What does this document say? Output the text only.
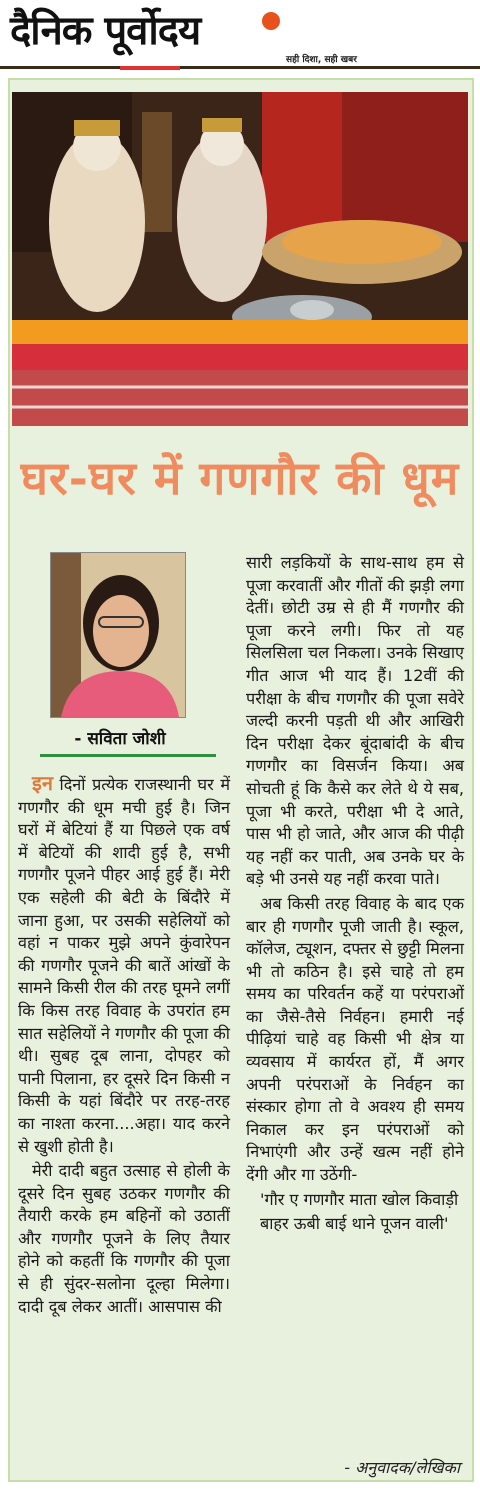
दैनिक पूर्वोदय
सही दिशा, सही खबर
घर-घर में गणगौर की धूम
- सविता जोशी

इन दिनों प्रत्येक राजस्थानी घर में गणगौर की धूम मची हुई है। जिन घरों में बेटियां हैं या पिछले एक वर्ष में बेटियों की शादी हुई है, सभी गणगौर पूजने पीहर आई हुई हैं। मेरी एक सहेली की बेटी के बिंदौरे में जाना हुआ, पर उसकी सहेलियों को वहां न पाकर मुझे अपने कुंवारेपन की गणगौर पूजने की बातें आंखों के सामने किसी रील की तरह घूमने लगीं कि किस तरह विवाह के उपरांत हम सात सहेलियों ने गणगौर की पूजा की थी। सुबह दूब लाना, दोपहर को पानी पिलाना, हर दूसरे दिन किसी न किसी के यहां बिंदौरे पर तरह-तरह का नाश्ता करना....अहा। याद करने से खुशी होती है।

मेरी दादी बहुत उत्साह से होली के दूसरे दिन सुबह उठकर गणगौर की तैयारी करके हम बहिनों को उठातीं और गणगौर पूजने के लिए तैयार होने को कहतीं कि गणगौर की पूजा से ही सुंदर-सलोना दूल्हा मिलेगा। दादी दूब लेकर आतीं। आसपास की

सारी लड़कियों के साथ-साथ हम से पूजा करवातीं और गीतों की झड़ी लगा देतीं। छोटी उम्र से ही मैं गणगौर की पूजा करने लगी। फिर तो यह सिलसिला चल निकला। उनके सिखाए गीत आज भी याद हैं। 12वीं की परीक्षा के बीच गणगौर की पूजा सवेरे जल्दी करनी पड़ती थी और आखिरी दिन परीक्षा देकर बूंदाबांदी के बीच गणगौर का विसर्जन किया। अब सोचती हूं कि कैसे कर लेते थे ये सब, पूजा भी करते, परीक्षा भी दे आते, पास भी हो जाते, और आज की पीढ़ी यह नहीं कर पाती, अब उनके घर के बड़े भी उनसे यह नहीं करवा पाते।

अब किसी तरह विवाह के बाद एक बार ही गणगौर पूजी जाती है। स्कूल, कॉलेज, ट्यूशन, दफ्तर से छुट्टी मिलना भी तो कठिन है। इसे चाहे तो हम समय का परिवर्तन कहें या परंपराओं का जैसे-तैसे निर्वहन। हमारी नई पीढ़ियां चाहे वह किसी भी क्षेत्र या व्यवसाय में कार्यरत हों, मैं अगर अपनी परंपराओं के निर्वहन का संस्कार होगा तो वे अवश्य ही समय निकाल कर इन परंपराओं को निभाएंगी और उन्हें खत्म नहीं होने देंगी और गा उठेंगी-

'गौर ए गणगौर माता खोल किवाड़ी

बाहर ऊबी बाई थाने पूजन वाली'

- अनुवादक/लेखिका
